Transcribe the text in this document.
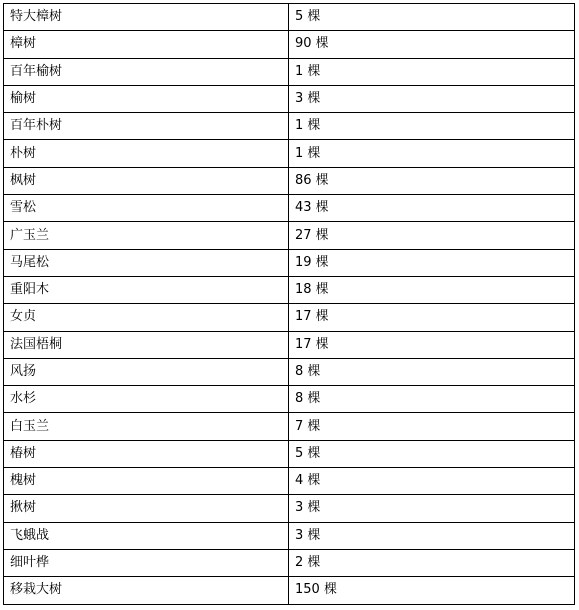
特大樟树	5 棵
樟树	90 棵
百年榆树	1 棵
榆树	3 棵
百年朴树	1 棵
朴树	1 棵
枫树	86 棵
雪松	43 棵
广玉兰	27 棵
马尾松	19 棵
重阳木	18 棵
女贞	17 棵
法国梧桐	17 棵
风扬	8 棵
水杉	8 棵
白玉兰	7 棵
椿树	5 棵
槐树	4 棵
揪树	3 棵
飞蛾战	3 棵
细叶桦	2 棵
移栽大树	150 棵
